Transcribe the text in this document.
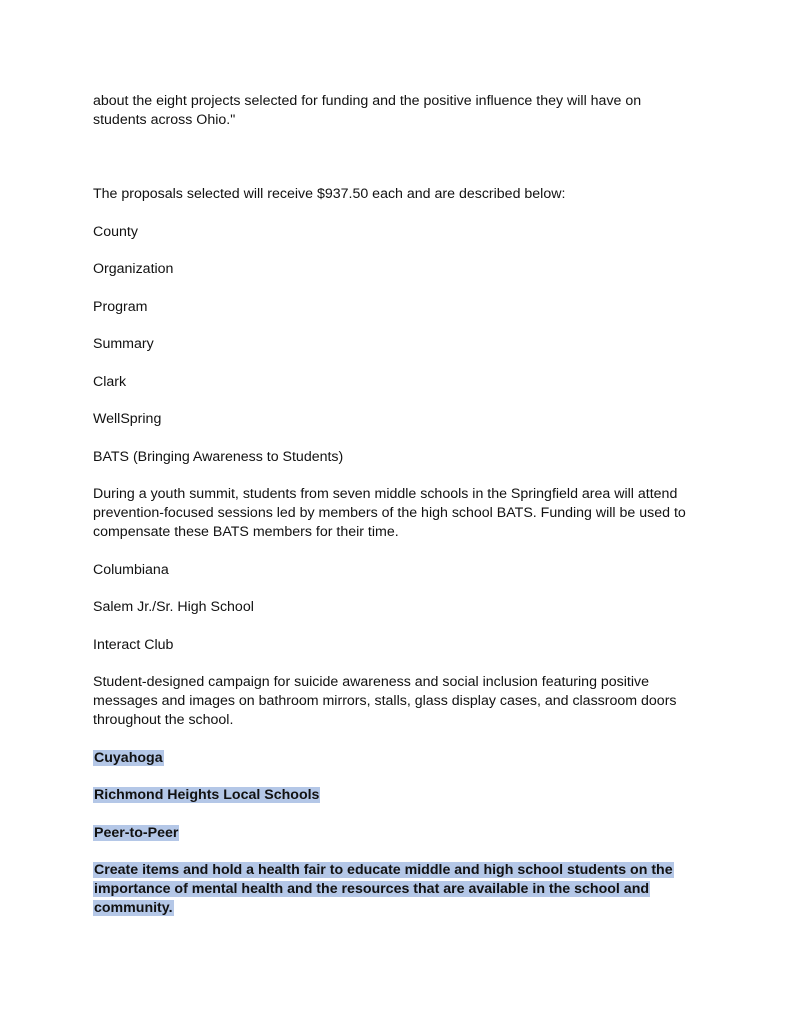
about the eight projects selected for funding and the positive influence they will have on students across Ohio."

The proposals selected will receive $937.50 each and are described below:

County

Organization

Program

Summary

Clark

WellSpring

BATS (Bringing Awareness to Students)

During a youth summit, students from seven middle schools in the Springfield area will attend prevention-focused sessions led by members of the high school BATS. Funding will be used to compensate these BATS members for their time.

Columbiana

Salem Jr./Sr. High School

Interact Club

Student-designed campaign for suicide awareness and social inclusion featuring positive messages and images on bathroom mirrors, stalls, glass display cases, and classroom doors throughout the school.

Cuyahoga

Richmond Heights Local Schools

Peer-to-Peer

Create items and hold a health fair to educate middle and high school students on the importance of mental health and the resources that are available in the school and community.
